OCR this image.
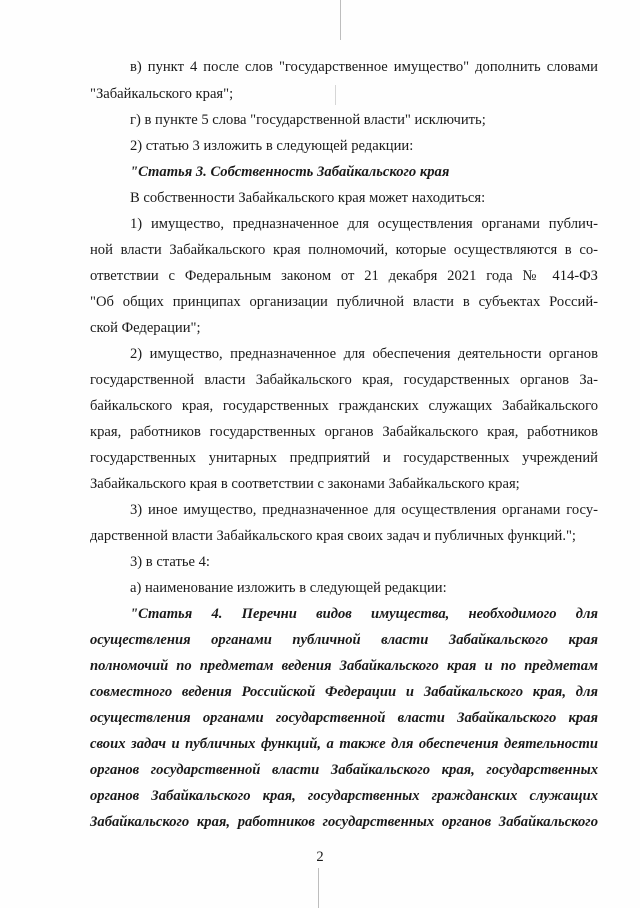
в) пункт 4 после слов "государственное имущество" дополнить словами

"Забайкальского края";

г) в пункте 5 слова "государственной власти" исключить;

2) статью 3 изложить в следующей редакции:

"Статья 3. Собственность Забайкальского края

В собственности Забайкальского края может находиться:

1) имущество, предназначенное для осуществления органами публич-

ной власти Забайкальского края полномочий, которые осуществляются в со-

ответствии с Федеральным законом от 21 декабря 2021 года № 414-ФЗ

"Об общих принципах организации публичной власти в субъектах Россий-

ской Федерации";

2) имущество, предназначенное для обеспечения деятельности органов

государственной власти Забайкальского края, государственных органов За-

байкальского края, государственных гражданских служащих Забайкальского

края, работников государственных органов Забайкальского края, работников

государственных унитарных предприятий и государственных учреждений

Забайкальского края в соответствии с законами Забайкальского края;

3) иное имущество, предназначенное для осуществления органами госу-

дарственной власти Забайкальского края своих задач и публичных функций.";

3) в статье 4:

а) наименование изложить в следующей редакции:

"Статья 4. Перечни видов имущества, необходимого для

осуществления органами публичной власти Забайкальского края

полномочий по предметам ведения Забайкальского края и по предметам

совместного ведения Российской Федерации и Забайкальского края, для

осуществления органами государственной власти Забайкальского края

своих задач и публичных функций, а также для обеспечения деятельности

органов государственной власти Забайкальского края, государственных

органов Забайкальского края, государственных гражданских служащих

Забайкальского края, работников государственных органов Забайкальского

2
